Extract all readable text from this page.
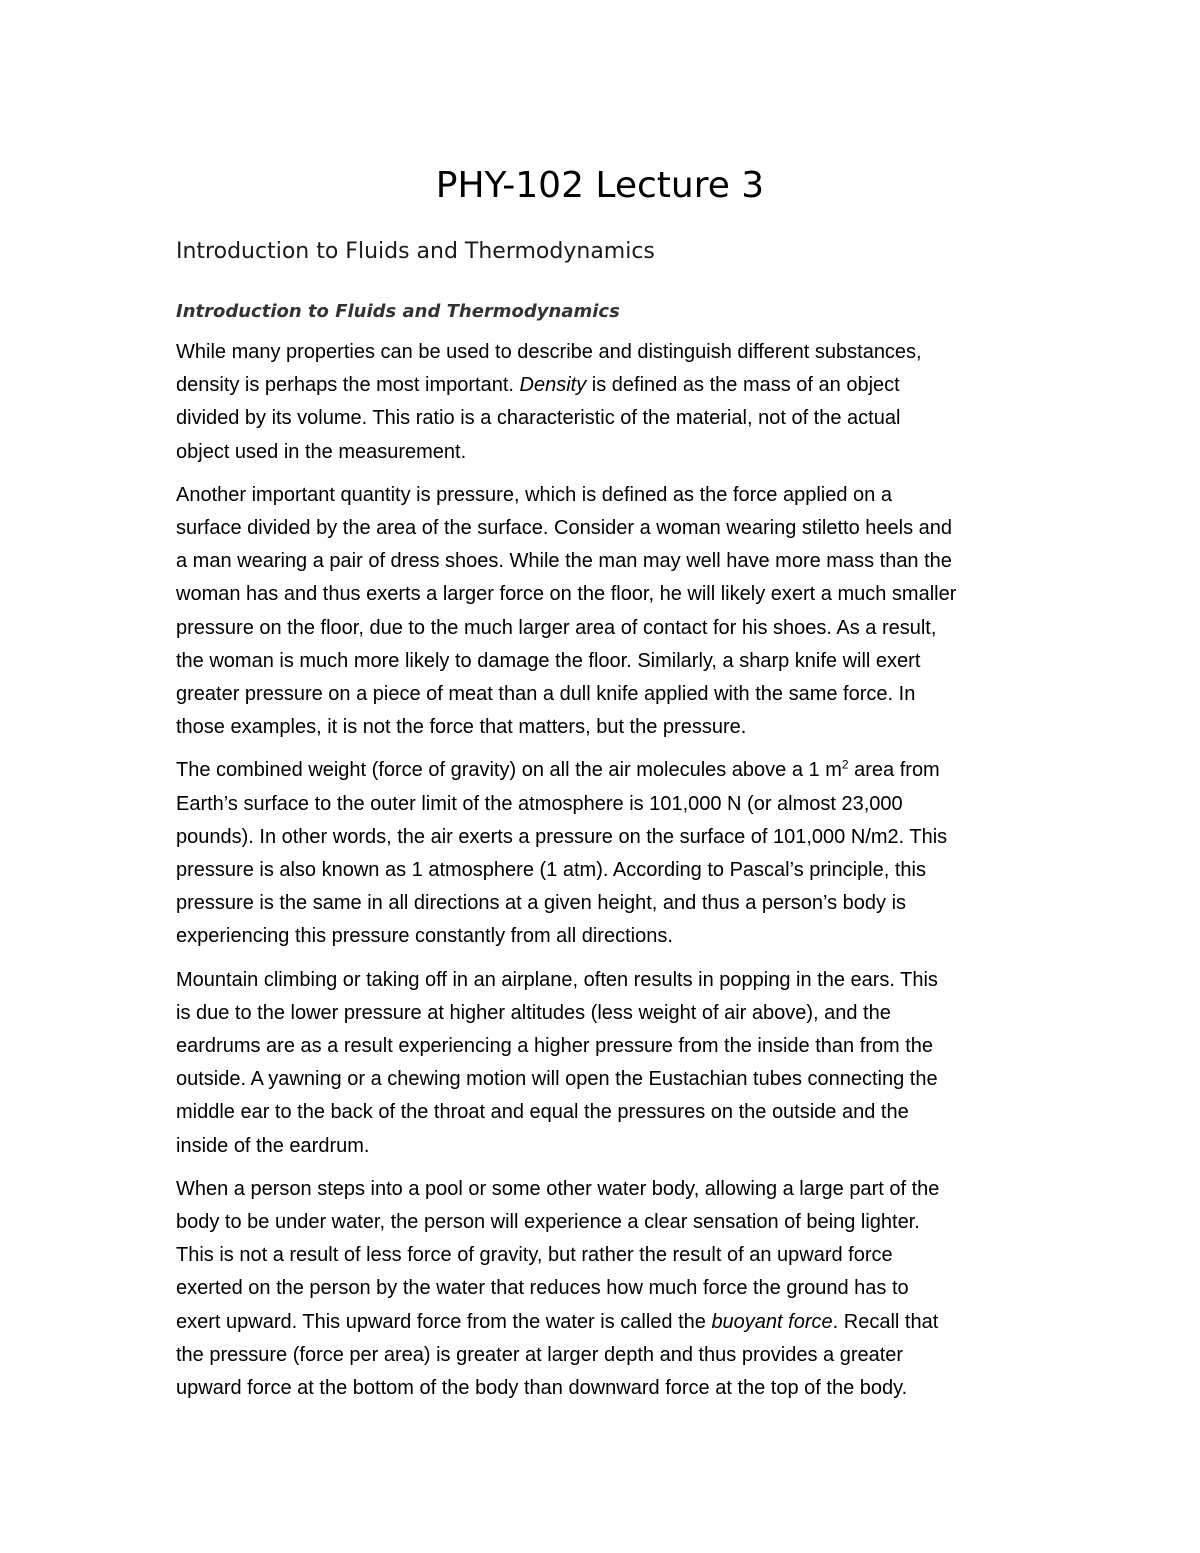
PHY-102 Lecture 3
Introduction to Fluids and Thermodynamics
Introduction to Fluids and Thermodynamics

While many properties can be used to describe and distinguish different substances,
density is perhaps the most important. Density is defined as the mass of an object
divided by its volume. This ratio is a characteristic of the material, not of the actual
object used in the measurement.

Another important quantity is pressure, which is defined as the force applied on a
surface divided by the area of the surface. Consider a woman wearing stiletto heels and
a man wearing a pair of dress shoes. While the man may well have more mass than the
woman has and thus exerts a larger force on the floor, he will likely exert a much smaller
pressure on the floor, due to the much larger area of contact for his shoes. As a result,
the woman is much more likely to damage the floor. Similarly, a sharp knife will exert
greater pressure on a piece of meat than a dull knife applied with the same force. In
those examples, it is not the force that matters, but the pressure.

The combined weight (force of gravity) on all the air molecules above a 1 $m^2$ area from
Earth’s surface to the outer limit of the atmosphere is 101,000 N (or almost 23,000
pounds). In other words, the air exerts a pressure on the surface of 101,000 N/m2. This
pressure is also known as 1 atmosphere (1 atm). According to Pascal’s principle, this
pressure is the same in all directions at a given height, and thus a person’s body is
experiencing this pressure constantly from all directions.

Mountain climbing or taking off in an airplane, often results in popping in the ears. This
is due to the lower pressure at higher altitudes (less weight of air above), and the
eardrums are as a result experiencing a higher pressure from the inside than from the
outside. A yawning or a chewing motion will open the Eustachian tubes connecting the
middle ear to the back of the throat and equal the pressures on the outside and the
inside of the eardrum.

When a person steps into a pool or some other water body, allowing a large part of the
body to be under water, the person will experience a clear sensation of being lighter.
This is not a result of less force of gravity, but rather the result of an upward force
exerted on the person by the water that reduces how much force the ground has to
exert upward. This upward force from the water is called the buoyant force. Recall that
the pressure (force per area) is greater at larger depth and thus provides a greater
upward force at the bottom of the body than downward force at the top of the body.
